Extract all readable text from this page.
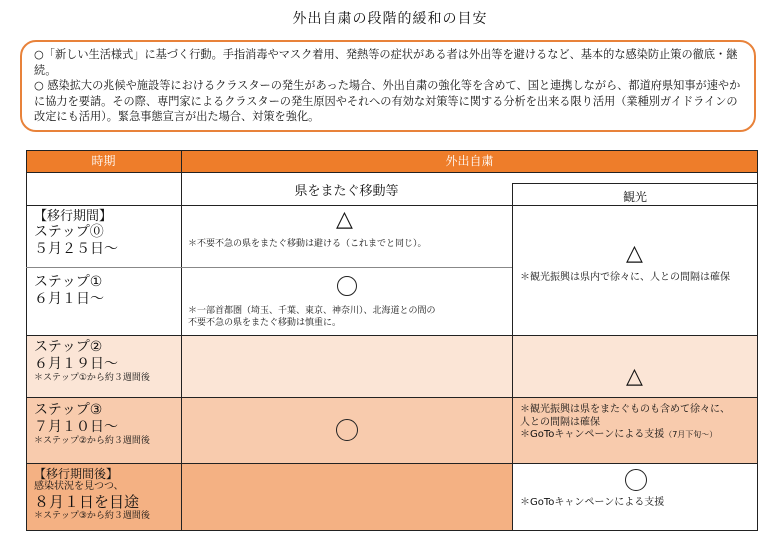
外出自粛の段階的緩和の目安
○「新しい生活様式」に基づく行動。手指消毒やマスク着用、発熱等の症状がある者は外出等を避けるなど、基本的な感染防止策の徹底・継続。
○ 感染拡大の兆候や施設等におけるクラスターの発生があった場合、外出自粛の強化等を含めて、国と連携しながら、都道府県知事が速やかに協力を要請。その際、専門家によるクラスターの発生原因やそれへの有効な対策等に関する分析を出来る限り活用（業種別ガイドラインの改定にも活用）。緊急事態宣言が出た場合、対策を強化。
時期	外出自粛
県をまたぐ移動等	観光
【移行期間】
ステップ⓪
５月２５日～
ステップ①
６月１日～
ステップ②
６月１９日～
＊ステップ①から約３週間後
ステップ③
７月１０日～
＊ステップ②から約３週間後
【移行期間後】
感染状況を見つつ、
８月１日を目途
＊ステップ③から約３週間後
△
＊不要不急の県をまたぐ移動は避ける（これまでと同じ）。
＊一部首都圏（埼玉、千葉、東京、神奈川）、北海道との間の
不要不急の県をまたぐ移動は慎重に。
△
＊観光振興は県内で徐々に、人との間隔は確保
△
＊観光振興は県をまたぐものも含めて徐々に、
人との間隔は確保
＊GoToキャンペーンによる支援（7月下旬～）
＊GoToキャンペーンによる支援
